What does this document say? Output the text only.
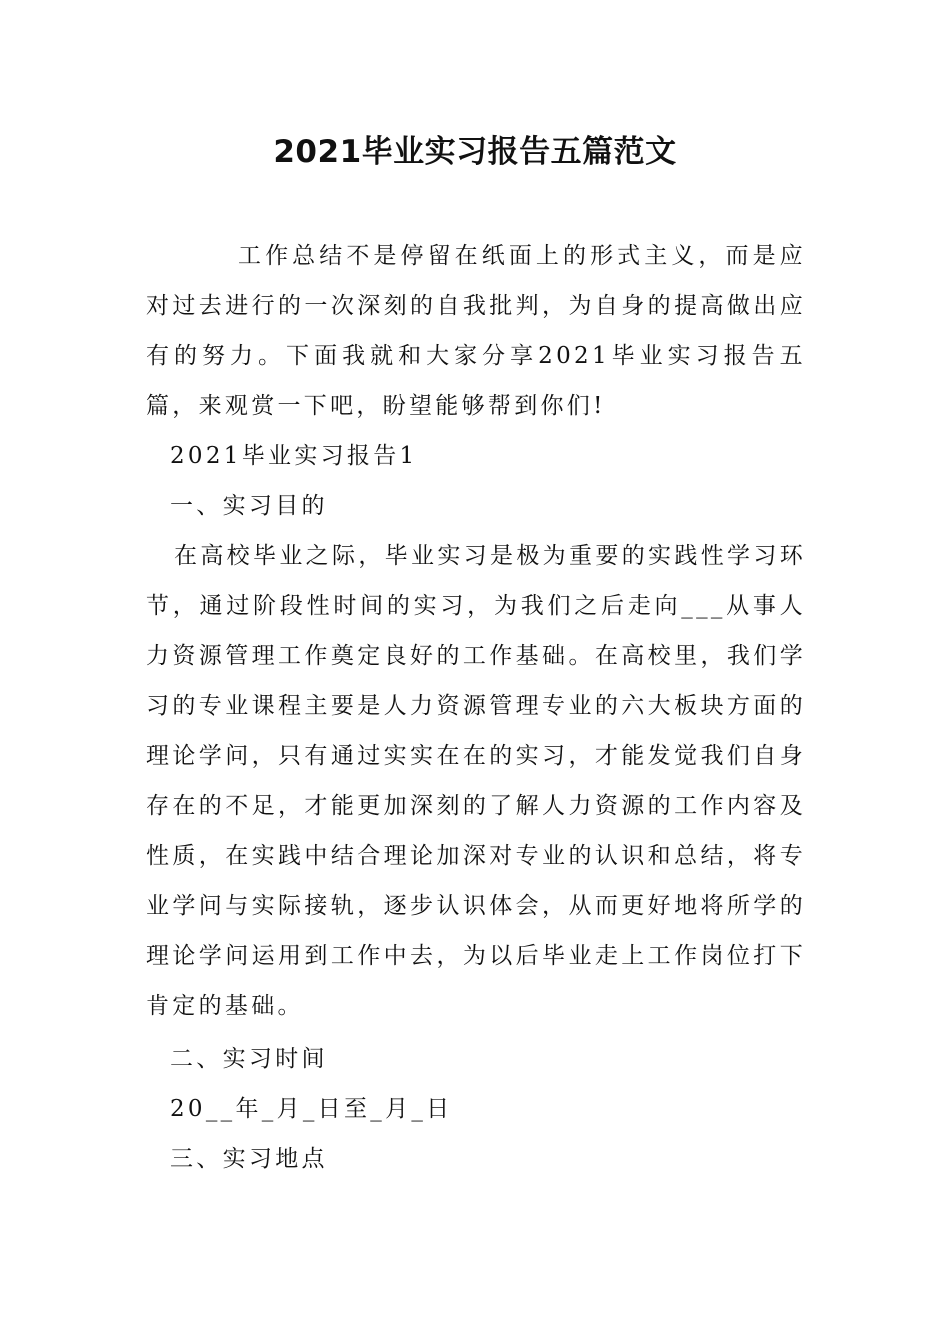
2021毕业实习报告五篇范文

工作总结不是停留在纸面上的形式主义，而是应对过去进行的一次深刻的自我批判，为自身的提高做出应有的努力。下面我就和大家分享2021毕业实习报告五篇，来观赏一下吧，盼望能够帮到你们!

2021毕业实习报告1

一、实习目的

在高校毕业之际，毕业实习是极为重要的实践性学习环节，通过阶段性时间的实习，为我们之后走向___从事人力资源管理工作奠定良好的工作基础。在高校里，我们学习的专业课程主要是人力资源管理专业的六大板块方面的理论学问，只有通过实实在在的实习，才能发觉我们自身存在的不足，才能更加深刻的了解人力资源的工作内容及性质，在实践中结合理论加深对专业的认识和总结，将专业学问与实际接轨，逐步认识体会，从而更好地将所学的理论学问运用到工作中去，为以后毕业走上工作岗位打下肯定的基础。

二、实习时间

20__年_月_日至_月_日

三、实习地点
